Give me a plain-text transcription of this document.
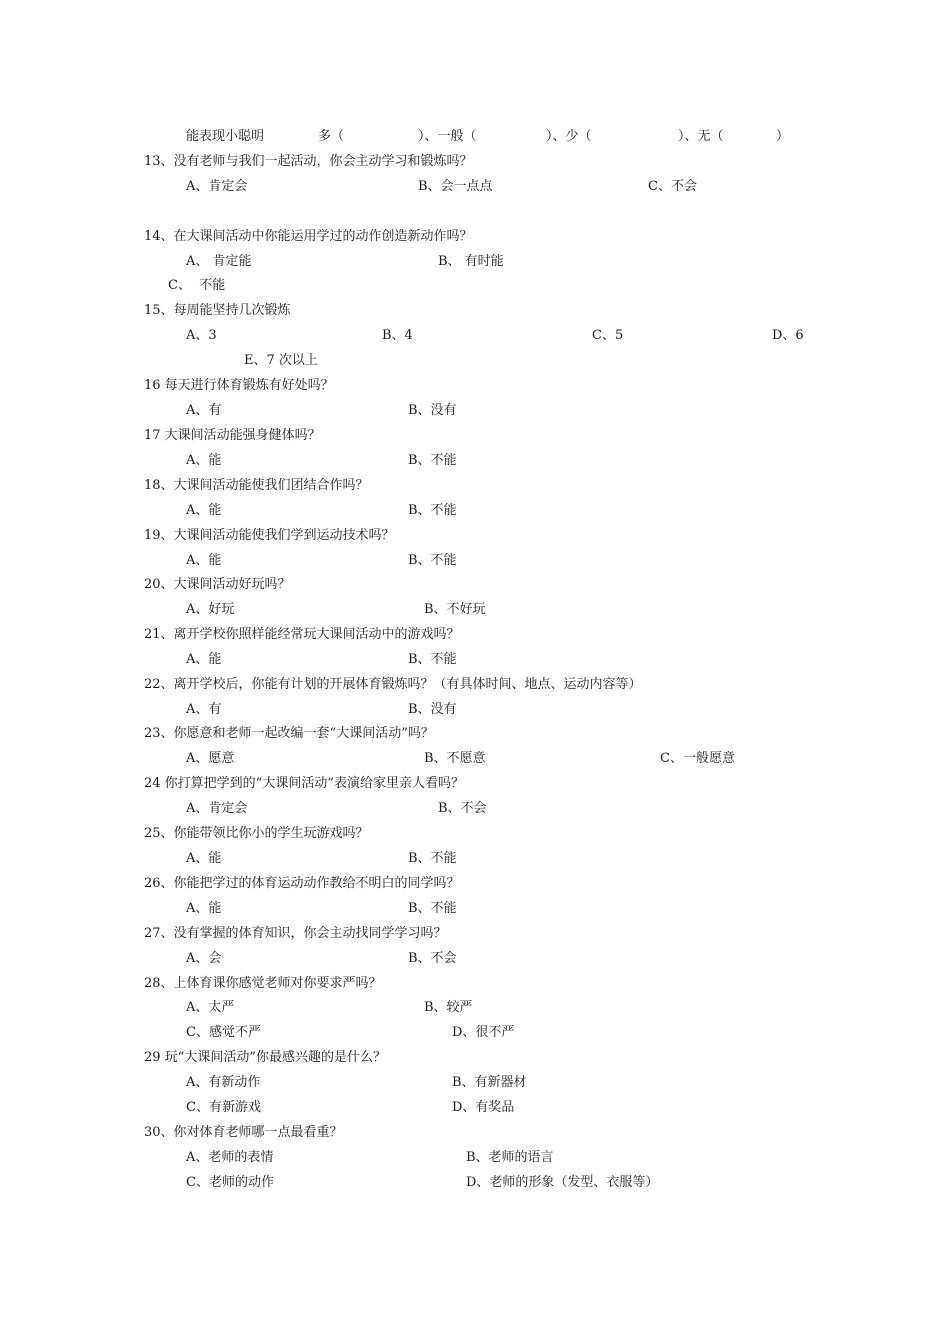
能表现小聪明	多（	）、一般（	）、少（	）、无（	）
13、没有老师与我们一起活动，你会主动学习和锻炼吗？
A、肯定会	B、会一点点	C、不会
14、在大课间活动中你能运用学过的动作创造新动作吗？
A、 肯定能	B、 有时能
C、  不能
15、每周能坚持几次锻炼
A、3	B、4	C、5	D、6
E、7 次以上
16 每天进行体育锻炼有好处吗？
A、有	B、没有
17 大课间活动能强身健体吗？
A、能	B、不能
18、大课间活动能使我们团结合作吗？
A、能	B、不能
19、大课间活动能使我们学到运动技术吗？
A、能	B、不能
20、大课间活动好玩吗？
A、好玩	B、不好玩
21、离开学校你照样能经常玩大课间活动中的游戏吗？
A、能	B、不能
22、离开学校后，你能有计划的开展体育锻炼吗？（有具体时间、地点、运动内容等）
A、有	B、没有
23、你愿意和老师一起改编一套“大课间活动”吗？
A、愿意	B、不愿意	C、一般愿意
24 你打算把学到的“大课间活动”表演给家里亲人看吗？
A、肯定会	B、不会
25、你能带领比你小的学生玩游戏吗？
A、能	B、不能
26、你能把学过的体育运动动作教给不明白的同学吗？
A、能	B、不能
27、没有掌握的体育知识，你会主动找同学学习吗？
A、会	B、不会
28、上体育课你感觉老师对你要求严吗？
A、太严	B、较严
C、感觉不严	D、很不严
29 玩“大课间活动”你最感兴趣的是什么？
A、有新动作	B、有新器材
C、有新游戏	D、有奖品
30、你对体育老师哪一点最看重？
A、老师的表情	B、老师的语言
C、老师的动作	D、老师的形象（发型、衣服等）
